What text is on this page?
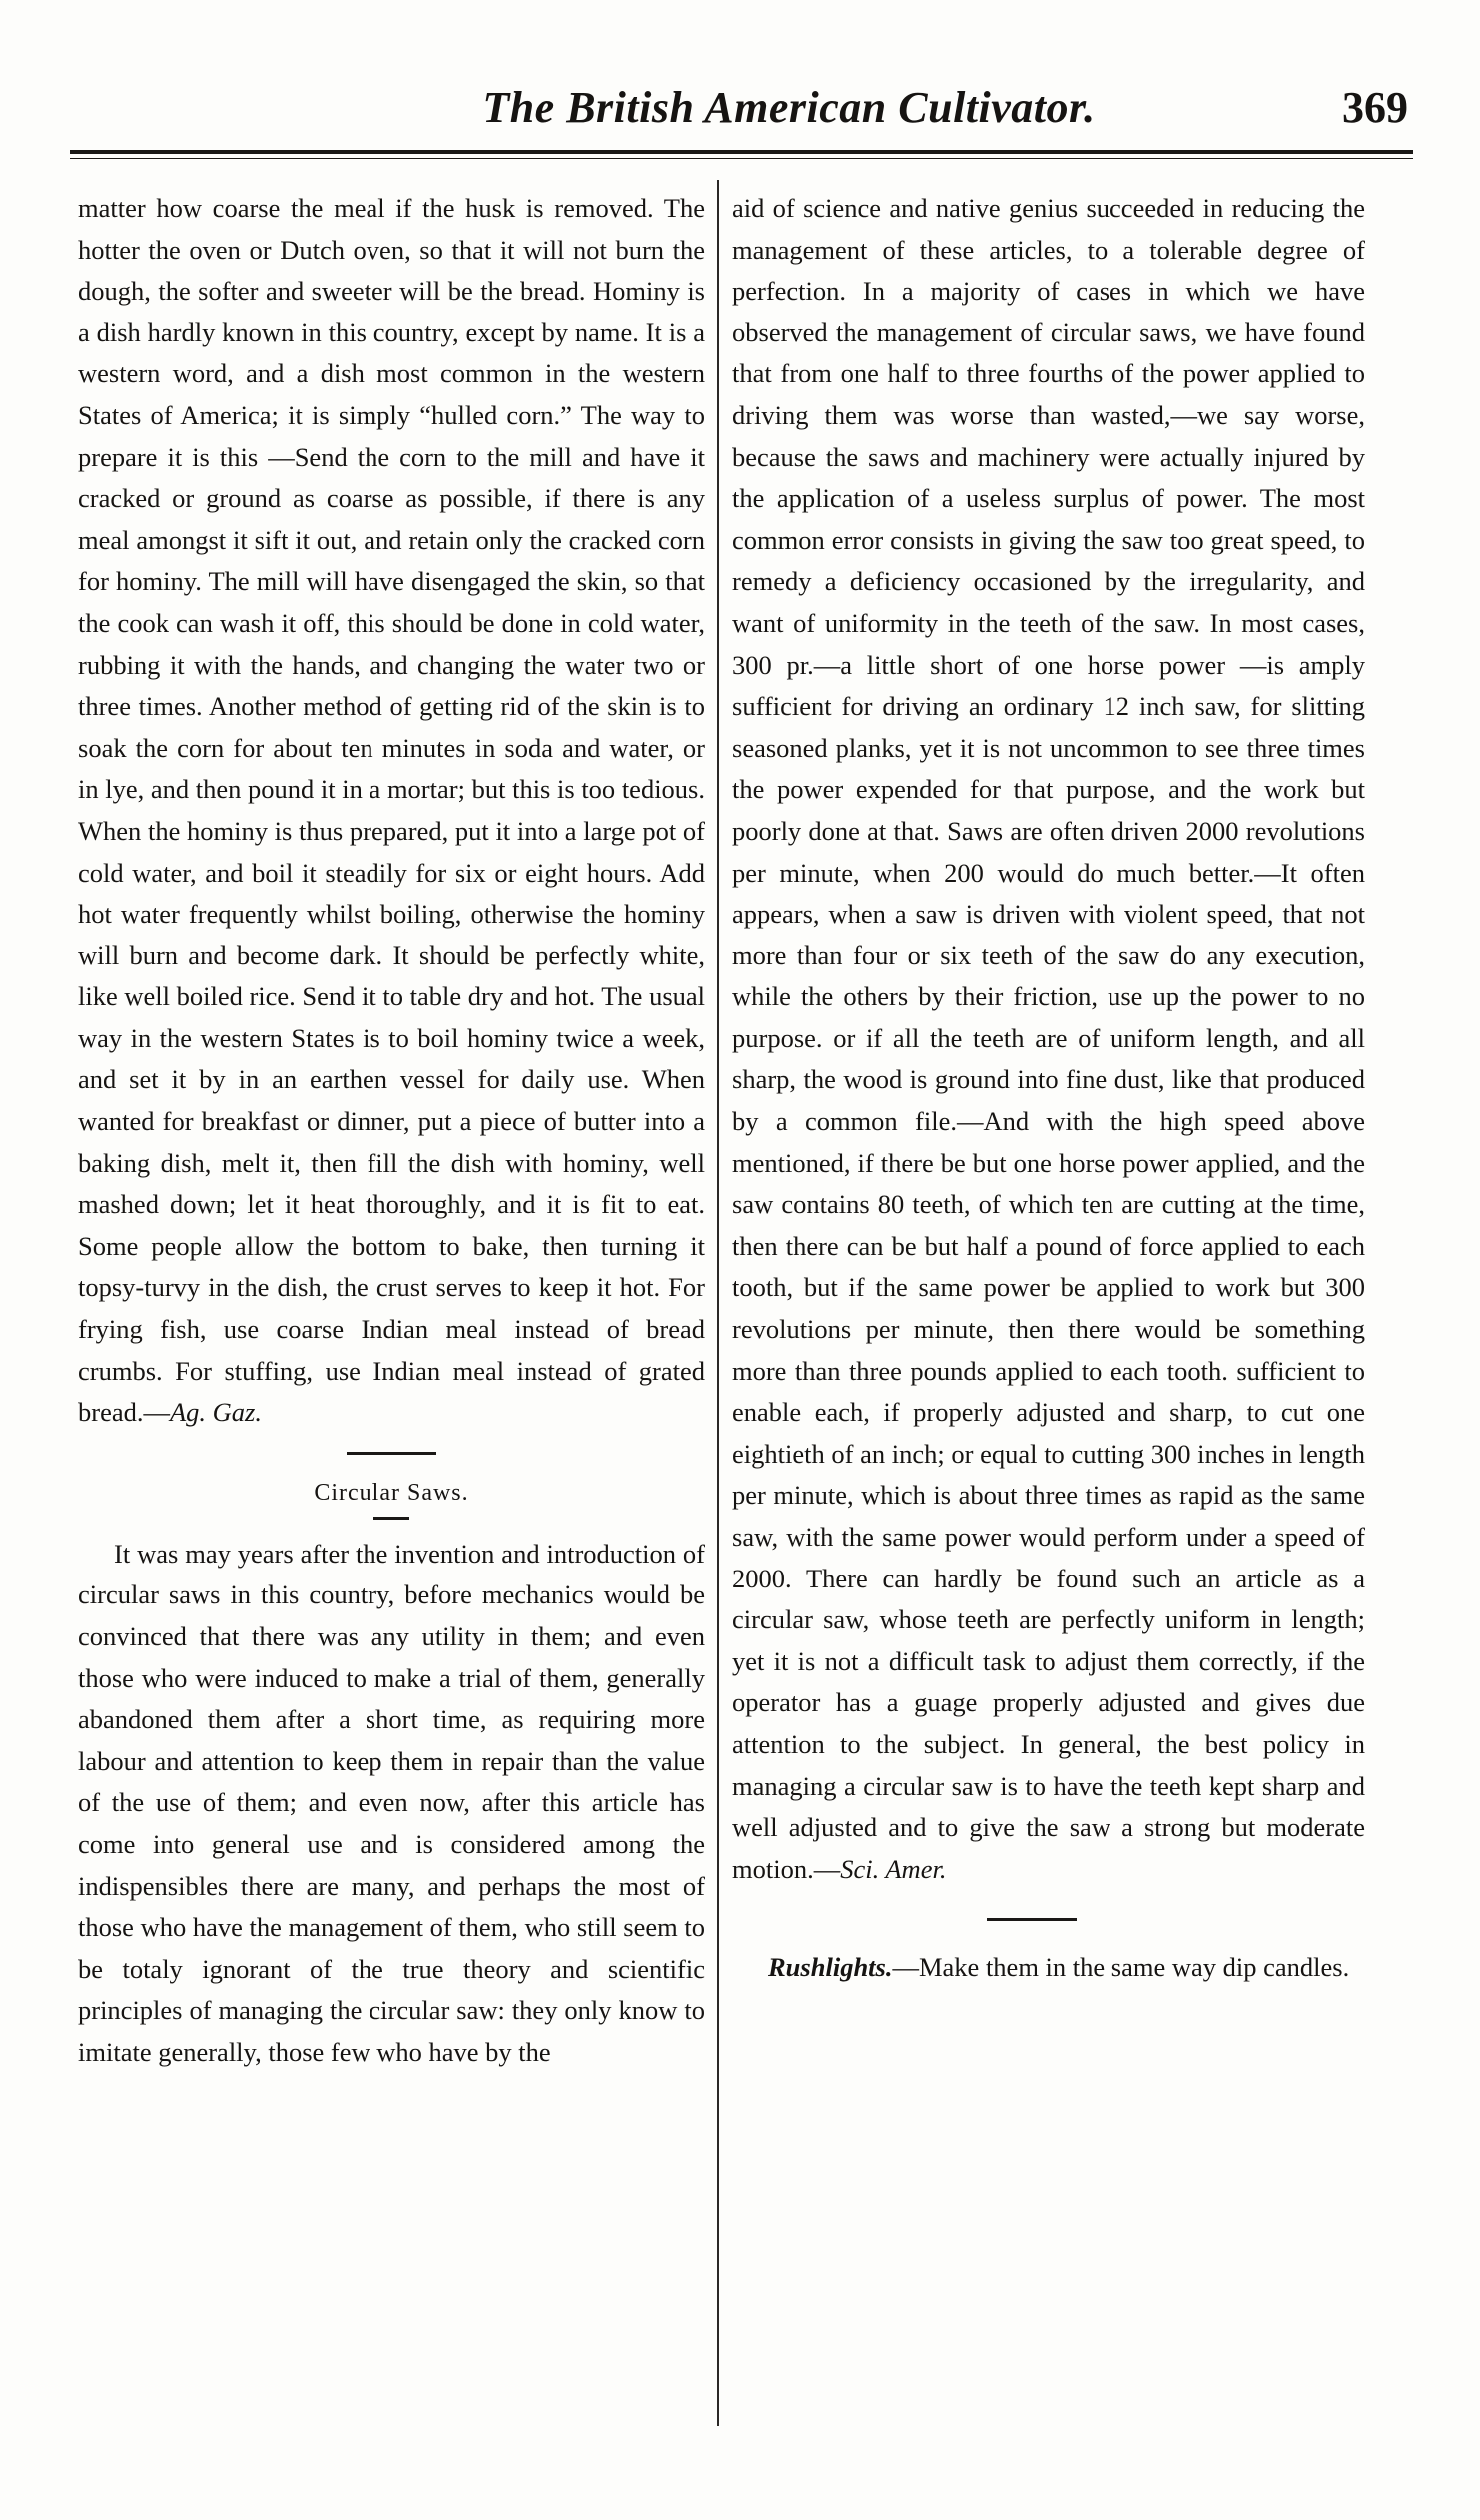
The British American Cultivator.	369

matter how coarse the meal if the husk is removed. The hotter the oven or Dutch oven, so that it will not burn the dough, the softer and sweeter will be the bread. Hominy is a dish hardly known in this country, except by name. It is a western word, and a dish most common in the western States of America; it is simply “hulled corn.” The way to prepare it is this —Send the corn to the mill and have it cracked or ground as coarse as possible, if there is any meal amongst it sift it out, and retain only the cracked corn for hominy. The mill will have disengaged the skin, so that the cook can wash it off, this should be done in cold water, rubbing it with the hands, and changing the water two or three times. Another method of getting rid of the skin is to soak the corn for about ten minutes in soda and water, or in lye, and then pound it in a mortar; but this is too tedious. When the hominy is thus prepared, put it into a large pot of cold water, and boil it steadily for six or eight hours. Add hot water frequently whilst boiling, otherwise the hominy will burn and become dark. It should be perfectly white, like well boiled rice. Send it to table dry and hot. The usual way in the western States is to boil hominy twice a week, and set it by in an earthen vessel for daily use. When wanted for breakfast or dinner, put a piece of butter into a baking dish, melt it, then fill the dish with hominy, well mashed down; let it heat thoroughly, and it is fit to eat. Some people allow the bottom to bake, then turning it topsy-turvy in the dish, the crust serves to keep it hot. For frying fish, use coarse Indian meal instead of bread crumbs. For stuffing, use Indian meal instead of grated bread.—Ag. Gaz.

Circular Saws.

It was may years after the invention and introduction of circular saws in this country, before mechanics would be convinced that there was any utility in them; and even those who were induced to make a trial of them, generally abandoned them after a short time, as requiring more labour and attention to keep them in repair than the value of the use of them; and even now, after this article has come into general use and is considered among the indispensibles there are many, and perhaps the most of those who have the management of them, who still seem to be totaly ignorant of the true theory and scientific principles of managing the circular saw: they only know to imitate generally, those few who have by the

aid of science and native genius succeeded in reducing the management of these articles, to a tolerable degree of perfection. In a majority of cases in which we have observed the management of circular saws, we have found that from one half to three fourths of the power applied to driving them was worse than wasted,—we say worse, because the saws and machinery were actually injured by the application of a useless surplus of power. The most common error consists in giving the saw too great speed, to remedy a deficiency occasioned by the irregularity, and want of uniformity in the teeth of the saw. In most cases, 300 pr.—a little short of one horse power —is amply sufficient for driving an ordinary 12 inch saw, for slitting seasoned planks, yet it is not uncommon to see three times the power expended for that purpose, and the work but poorly done at that. Saws are often driven 2000 revolutions per minute, when 200 would do much better.—It often appears, when a saw is driven with violent speed, that not more than four or six teeth of the saw do any execution, while the others by their friction, use up the power to no purpose. or if all the teeth are of uniform length, and all sharp, the wood is ground into fine dust, like that produced by a common file.—And with the high speed above mentioned, if there be but one horse power applied, and the saw contains 80 teeth, of which ten are cutting at the time, then there can be but half a pound of force applied to each tooth, but if the same power be applied to work but 300 revolutions per minute, then there would be something more than three pounds applied to each tooth. sufficient to enable each, if properly adjusted and sharp, to cut one eightieth of an inch; or equal to cutting 300 inches in length per minute, which is about three times as rapid as the same saw, with the same power would perform under a speed of 2000. There can hardly be found such an article as a circular saw, whose teeth are perfectly uniform in length; yet it is not a difficult task to adjust them correctly, if the operator has a guage properly adjusted and gives due attention to the subject. In general, the best policy in managing a circular saw is to have the teeth kept sharp and well adjusted and to give the saw a strong but moderate motion.—Sci. Amer.

Rushlights.—Make them in the same way dip candles.
